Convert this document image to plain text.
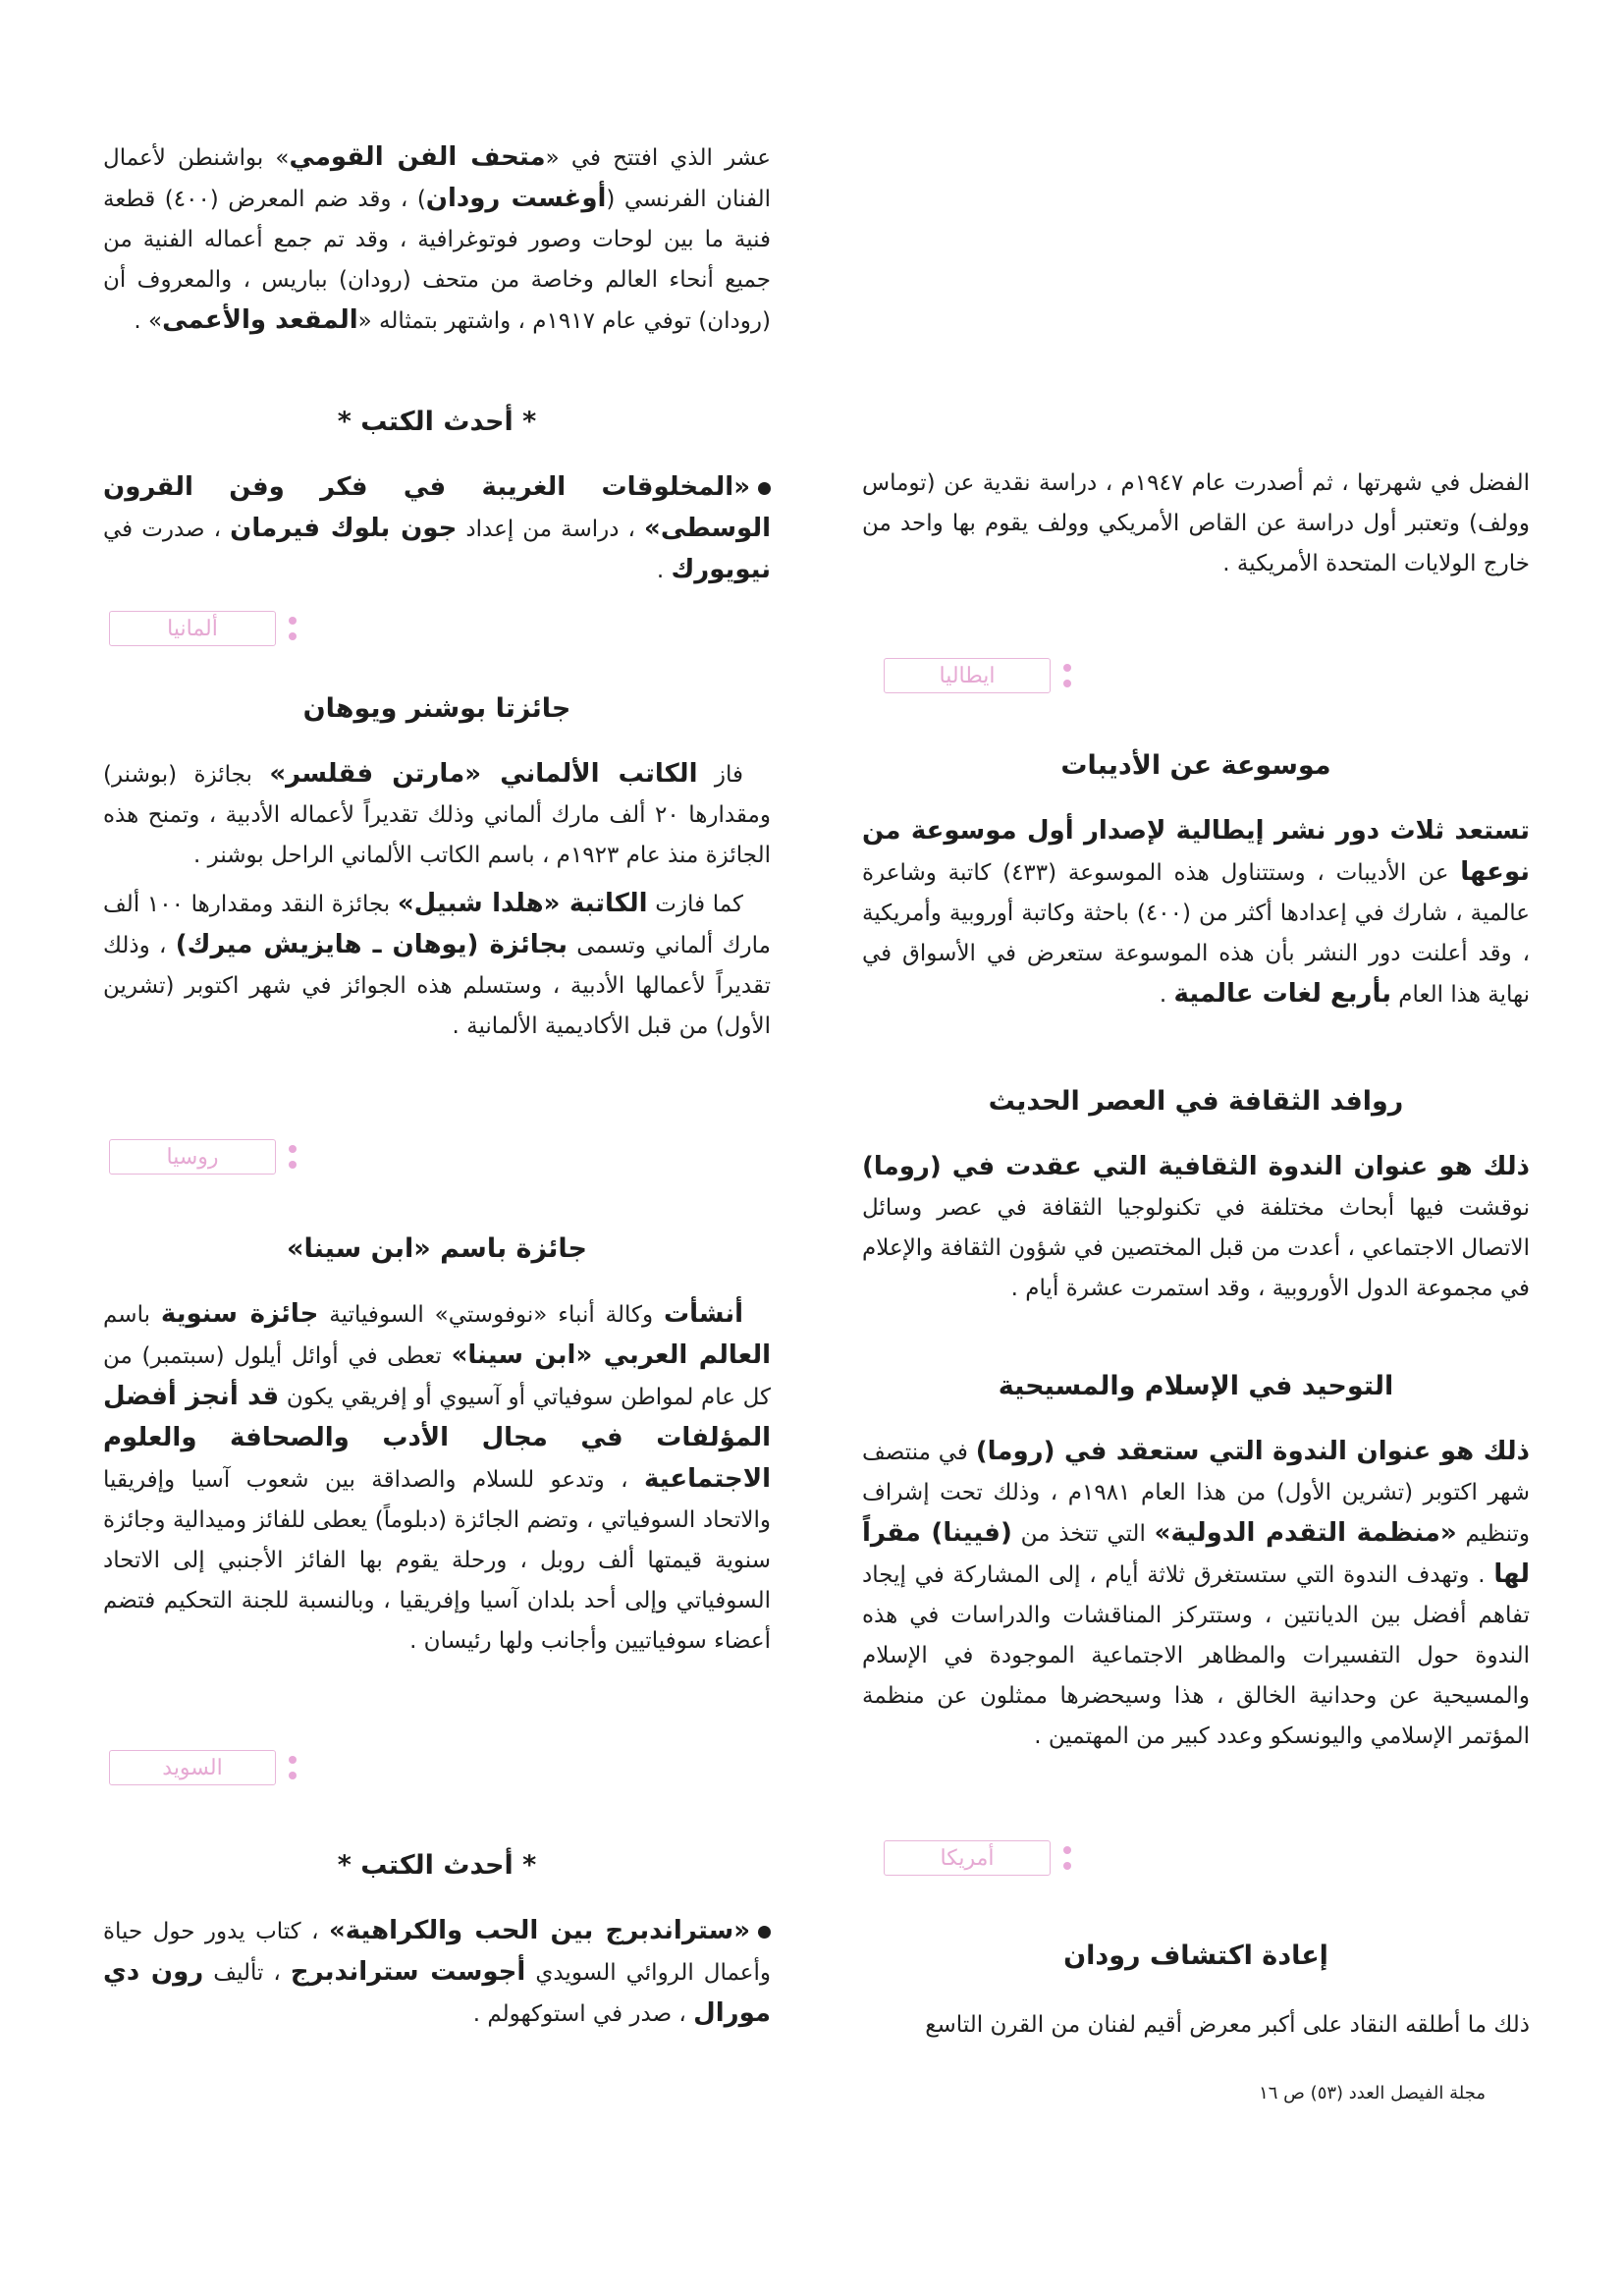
الفضل في شهرتها ، ثم أصدرت عام ١٩٤٧م ، دراسة نقدية عن (توماس وولف) وتعتبر أول دراسة عن القاص الأمريكي وولف يقوم بها واحد من خارج الولايات المتحدة الأمريكية .

ايطاليا
موسوعة عن الأديبات

تستعد ثلاث دور نشر إيطالية لإصدار أول موسوعة من نوعها عن الأديبات ، وستتناول هذه الموسوعة (٤٣٣) كاتبة وشاعرة عالمية ، شارك في إعدادها أكثر من (٤٠٠) باحثة وكاتبة أوروبية وأمريكية ، وقد أعلنت دور النشر بأن هذه الموسوعة ستعرض في الأسواق في نهاية هذا العام بأربع لغات عالمية .

روافد الثقافة في العصر الحديث

ذلك هو عنوان الندوة الثقافية التي عقدت في (روما) نوقشت فيها أبحاث مختلفة في تكنولوجيا الثقافة في عصر وسائل الاتصال الاجتماعي ، أعدت من قبل المختصين في شؤون الثقافة والإعلام في مجموعة الدول الأوروبية ، وقد استمرت عشرة أيام .

التوحيد في الإسلام والمسيحية

ذلك هو عنوان الندوة التي ستعقد في (روما) في منتصف شهر اكتوبر (تشرين الأول) من هذا العام ١٩٨١م ، وذلك تحت إشراف وتنظيم «منظمة التقدم الدولية» التي تتخذ من (فيينا) مقراً لها . وتهدف الندوة التي ستستغرق ثلاثة أيام ، إلى المشاركة في إيجاد تفاهم أفضل بين الديانتين ، وستتركز المناقشات والدراسات في هذه الندوة حول التفسيرات والمظاهر الاجتماعية الموجودة في الإسلام والمسيحية عن وحدانية الخالق ، هذا وسيحضرها ممثلون عن منظمة المؤتمر الإسلامي واليونسكو وعدد كبير من المهتمين .

أمريكا
إعادة اكتشاف رودان

ذلك ما أطلقه النقاد على أكبر معرض أقيم لفنان من القرن التاسع

عشر الذي افتتح في «متحف الفن القومي» بواشنطن لأعمال الفنان الفرنسي (أوغست رودان) ، وقد ضم المعرض (٤٠٠) قطعة فنية ما بين لوحات وصور فوتوغرافية ، وقد تم جمع أعماله الفنية من جميع أنحاء العالم وخاصة من متحف (رودان) بباريس ، والمعروف أن (رودان) توفي عام ١٩١٧م ، واشتهر بتمثاله «المقعد والأعمى» .

* أحدث الكتب *

«المخلوقات الغريبة في فكر وفن القرون الوسطى» ، دراسة من إعداد جون بلوك فيرمان ، صدرت في نيويورك .

ألمانيا
جائزتا بوشنر ويوهان

فاز الكاتب الألماني «مارتن فقلسر» بجائزة (بوشنر) ومقدارها ٢٠ ألف مارك ألماني وذلك تقديراً لأعماله الأدبية ، وتمنح هذه الجائزة منذ عام ١٩٢٣م ، باسم الكاتب الألماني الراحل بوشنر .

كما فازت الكاتبة «هلدا شبيل» بجائزة النقد ومقدارها ١٠٠ ألف مارك ألماني وتسمى بجائزة (يوهان ـ هايزيش ميرك) ، وذلك تقديراً لأعمالها الأدبية ، وستسلم هذه الجوائز في شهر اكتوبر (تشرين الأول) من قبل الأكاديمية الألمانية .

روسيا
جائزة باسم «ابن سينا»

أنشأت وكالة أنباء «نوفوستي» السوفياتية جائزة سنوية باسم العالم العربي «ابن سينا» تعطى في أوائل أيلول (سبتمبر) من كل عام لمواطن سوفياتي أو آسيوي أو إفريقي يكون قد أنجز أفضل المؤلفات في مجال الأدب والصحافة والعلوم الاجتماعية ، وتدعو للسلام والصداقة بين شعوب آسيا وإفريقيا والاتحاد السوفياتي ، وتضم الجائزة (دبلوماً) يعطى للفائز وميدالية وجائزة سنوية قيمتها ألف روبل ، ورحلة يقوم بها الفائز الأجنبي إلى الاتحاد السوفياتي وإلى أحد بلدان آسيا وإفريقيا ، وبالنسبة للجنة التحكيم فتضم أعضاء سوفياتيين وأجانب ولها رئيسان .

السويد
* أحدث الكتب *

«ستراندبرج بين الحب والكراهية» ، كتاب يدور حول حياة وأعمال الروائي السويدي أجوست ستراندبرج ، تأليف رون دي مورال ، صدر في استوكهولم .

مجلة الفيصل العدد (٥٣) ص ١٦
